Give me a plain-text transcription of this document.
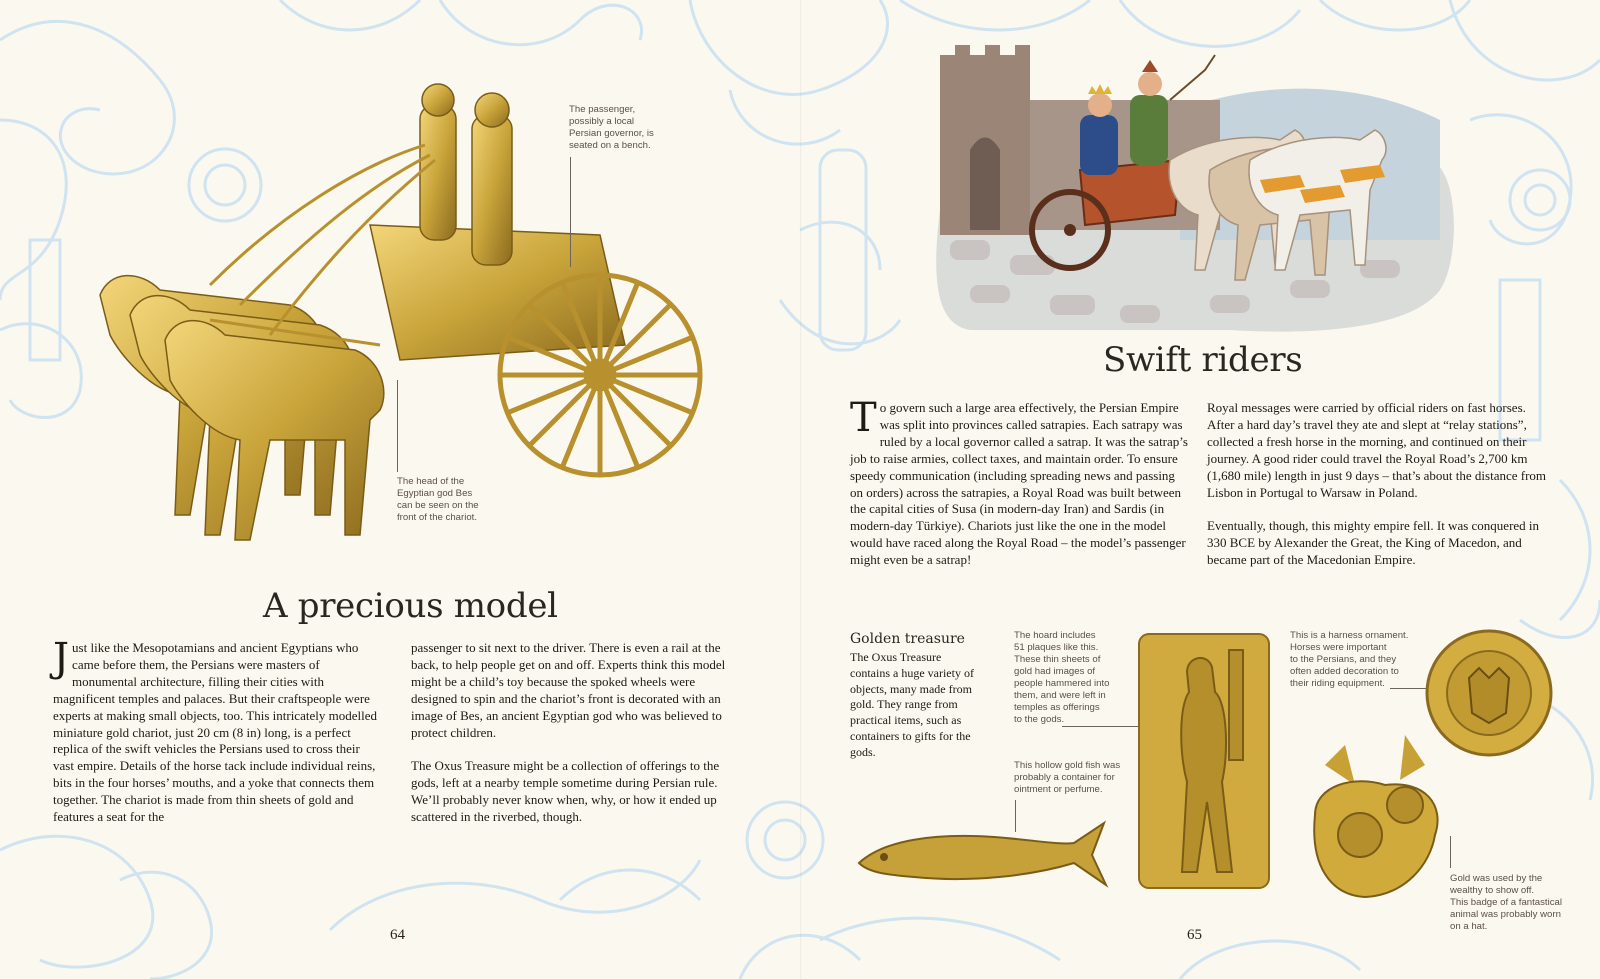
The passenger,
possibly a local
Persian governor, is
seated on a bench.
The head of the
Egyptian god Bes
can be seen on the
front of the chariot.
A precious model
Just like the Mesopotamians and ancient Egyptians who came before them, the Persians were masters of monumental architecture, filling their cities with magnificent temples and palaces. But their craftspeople were experts at making small objects, too. This intricately modelled miniature gold chariot, just 20 cm (8 in) long, is a perfect replica of the swift vehicles the Persians used to cross their vast empire. Details of the horse tack include individual reins, bits in the four horses’ mouths, and a yoke that connects them together. The chariot is made from thin sheets of gold and features a seat for the

passenger to sit next to the driver. There is even a rail at the back, to help people get on and off. Experts think this model might be a child’s toy because the spoked wheels were designed to spin and the chariot’s front is decorated with an image of Bes, an ancient Egyptian god who was believed to protect children.

The Oxus Treasure might be a collection of offerings to the gods, left at a nearby temple sometime during Persian rule. We’ll probably never know when, why, or how it ended up scattered in the riverbed, though.

64
Swift riders
To govern such a large area effectively, the Persian Empire was split into provinces called satrapies. Each satrapy was ruled by a local governor called a satrap. It was the satrap’s job to raise armies, collect taxes, and maintain order. To ensure speedy communication (including spreading news and passing on orders) across the satrapies, a Royal Road was built between the capital cities of Susa (in modern-day Iran) and Sardis (in modern-day Türkiye). Chariots just like the one in the model would have raced along the Royal Road – the model’s passenger might even be a satrap!

Royal messages were carried by official riders on fast horses. After a hard day’s travel they ate and slept at “relay stations”, collected a fresh horse in the morning, and continued on their journey. A good rider could travel the Royal Road’s 2,700 km (1,680 mile) length in just 9 days – that’s about the distance from Lisbon in Portugal to Warsaw in Poland.

Eventually, though, this mighty empire fell. It was conquered in 330 BCE by Alexander the Great, the King of Macedon, and became part of the Macedonian Empire.

Golden treasure
The Oxus Treasure contains a huge variety of objects, many made from gold. They range from practical items, such as containers to gifts for the gods.
The hoard includes
51 plaques like this.
These thin sheets of
gold had images of
people hammered into
them, and were left in
temples as offerings
to the gods.
This hollow gold fish was
probably a container for
ointment or perfume.
This is a harness ornament.
Horses were important
to the Persians, and they
often added decoration to
their riding equipment.
Gold was used by the
wealthy to show off.
This badge of a fantastical
animal was probably worn
on a hat.
65
